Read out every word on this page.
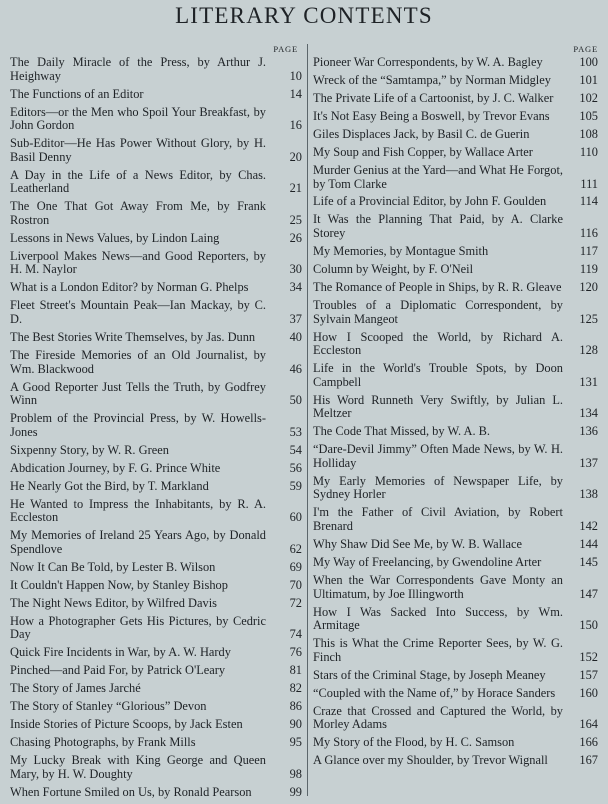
LITERARY CONTENTS
PAGE
The Daily Miracle of the Press, by Arthur J. Heighway	10
The Functions of an Editor	14
Editors—or the Men who Spoil Your Breakfast, by John Gordon	16
Sub-Editor—He Has Power Without Glory, by H. Basil Denny	20
A Day in the Life of a News Editor, by Chas. Leatherland	21
The One That Got Away From Me, by Frank Rostron	25
Lessons in News Values, by Lindon Laing	26
Liverpool Makes News—and Good Reporters, by H. M. Naylor	30
What is a London Editor? by Norman G. Phelps	34
Fleet Street's Mountain Peak—Ian Mackay, by C. D.	37
The Best Stories Write Themselves, by Jas. Dunn	40
The Fireside Memories of an Old Journalist, by Wm. Blackwood	46
A Good Reporter Just Tells the Truth, by Godfrey Winn	50
Problem of the Provincial Press, by W. Howells-Jones	53
Sixpenny Story, by W. R. Green	54
Abdication Journey, by F. G. Prince White	56
He Nearly Got the Bird, by T. Markland	59
He Wanted to Impress the Inhabitants, by R. A. Eccleston	60
My Memories of Ireland 25 Years Ago, by Donald Spendlove	62
Now It Can Be Told, by Lester B. Wilson	69
It Couldn't Happen Now, by Stanley Bishop	70
The Night News Editor, by Wilfred Davis	72
How a Photographer Gets His Pictures, by Cedric Day	74
Quick Fire Incidents in War, by A. W. Hardy	76
Pinched—and Paid For, by Patrick O'Leary	81
The Story of James Jarché	82
The Story of Stanley “Glorious” Devon	86
Inside Stories of Picture Scoops, by Jack Esten	90
Chasing Photographs, by Frank Mills	95
My Lucky Break with King George and Queen Mary, by H. W. Doughty	98
When Fortune Smiled on Us, by Ronald Pearson	99
PAGE
Pioneer War Correspondents, by W. A. Bagley	100
Wreck of the “Samtampa,” by Norman Midgley	101
The Private Life of a Cartoonist, by J. C. Walker	102
It's Not Easy Being a Boswell, by Trevor Evans	105
Giles Displaces Jack, by Basil C. de Guerin	108
My Soup and Fish Copper, by Wallace Arter	110
Murder Genius at the Yard—and What He Forgot, by Tom Clarke	111
Life of a Provincial Editor, by John F. Goulden	114
It Was the Planning That Paid, by A. Clarke Storey	116
My Memories, by Montague Smith	117
Column by Weight, by F. O'Neil	119
The Romance of People in Ships, by R. R. Gleave	120
Troubles of a Diplomatic Correspondent, by Sylvain Mangeot	125
How I Scooped the World, by Richard A. Eccleston	128
Life in the World's Trouble Spots, by Doon Campbell	131
His Word Runneth Very Swiftly, by Julian L. Meltzer	134
The Code That Missed, by W. A. B.	136
“Dare-Devil Jimmy” Often Made News, by W. H. Holliday	137
My Early Memories of Newspaper Life, by Sydney Horler	138
I'm the Father of Civil Aviation, by Robert Brenard	142
Why Shaw Did See Me, by W. B. Wallace	144
My Way of Freelancing, by Gwendoline Arter	145
When the War Correspondents Gave Monty an Ultimatum, by Joe Illingworth	147
How I Was Sacked Into Success, by Wm. Armitage	150
This is What the Crime Reporter Sees, by W. G. Finch	152
Stars of the Criminal Stage, by Joseph Meaney	157
“Coupled with the Name of,” by Horace Sanders	160
Craze that Crossed and Captured the World, by Morley Adams	164
My Story of the Flood, by H. C. Samson	166
A Glance over my Shoulder, by Trevor Wignall	167
